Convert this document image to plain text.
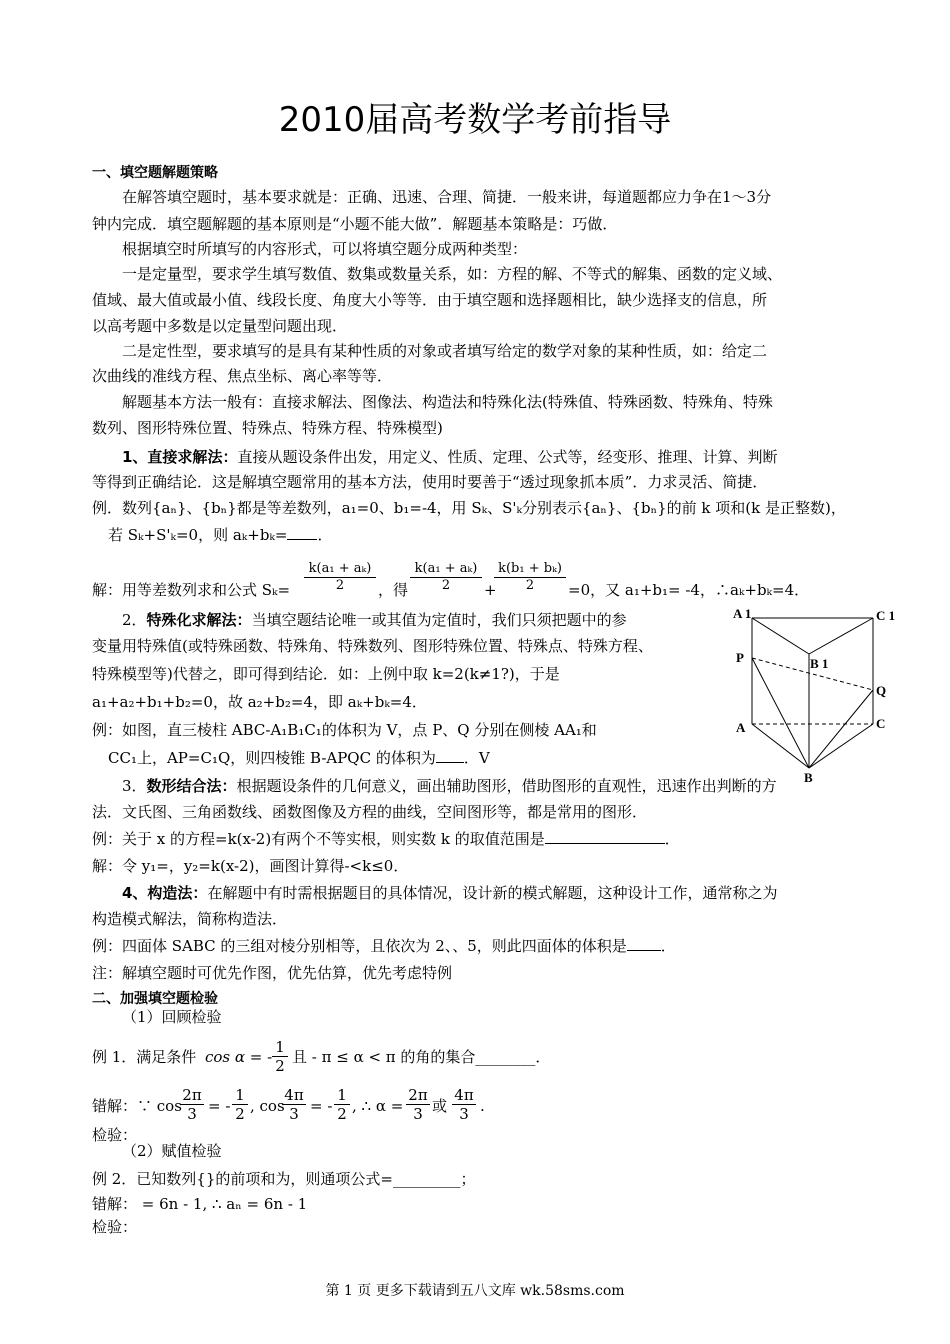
2010届高考数学考前指导
一、填空题解题策略
在解答填空题时，基本要求就是：正确、迅速、合理、简捷．一般来讲，每道题都应力争在1～3分
钟内完成．填空题解题的基本原则是“小题不能大做”．解题基本策略是：巧做．
根据填空时所填写的内容形式，可以将填空题分成两种类型：
一是定量型，要求学生填写数值、数集或数量关系，如：方程的解、不等式的解集、函数的定义域、
值域、最大值或最小值、线段长度、角度大小等等．由于填空题和选择题相比，缺少选择支的信息，所
以高考题中多数是以定量型问题出现．
二是定性型，要求填写的是具有某种性质的对象或者填写给定的数学对象的某种性质，如：给定二
次曲线的准线方程、焦点坐标、离心率等等．
解题基本方法一般有：直接求解法、图像法、构造法和特殊化法(特殊值、特殊函数、特殊角、特殊
数列、图形特殊位置、特殊点、特殊方程、特殊模型)
1、直接求解法：直接从题设条件出发，用定义、性质、定理、公式等，经变形、推理、计算、判断
等得到正确结论．这是解填空题常用的基本方法，使用时要善于“透过现象抓本质”．力求灵活、简捷．
例．数列{aₙ}、{bₙ}都是等差数列，a₁=0、b₁=-4，用 Sₖ、S'ₖ分别表示{aₙ}、{bₙ}的前 k 项和(k 是正整数)，
若 Sₖ+S'ₖ=0，则 aₖ+bₖ= ．
解：用等差数列求和公式 $S_k= \frac{\text{k(a₁ + aₖ)}}{2}$ ，得 $\frac{\text{k(a₁ + aₖ)}}{2}$ +
$\frac{\text{k(b₁ + bₖ)}}{2} =0$，又 a₁+b₁= -4，∴aₖ+bₖ=4．
2．特殊化求解法：当填空题结论唯一或其值为定值时，我们只须把题中的参
变量用特殊值(或特殊函数、特殊角、特殊数列、图形特殊位置、特殊点、特殊方程、
特殊模型等)代替之，即可得到结论．如：上例中取 k=2(k≠1?)，于是
a₁+a₂+b₁+b₂=0，故 a₂+b₂=4，即 aₖ+bₖ=4．
例：如图，直三棱柱 ABC-A₁B₁C₁的体积为 V，点 P、Q 分别在侧棱 AA₁和
CC₁上，AP=C₁Q，则四棱锥 B-APQC 的体积为 ．V
A 1	C 1
B 1
P
Q
A	C
B
3．数形结合法：根据题设条件的几何意义，画出辅助图形，借助图形的直观性，迅速作出判断的方
法．文氏图、三角函数线、函数图像及方程的曲线，空间图形等，都是常用的图形．
例：关于 x 的方程=k(x-2)有两个不等实根，则实数 k 的取值范围是	．
解：令 y₁=，y₂=k(x-2)，画图计算得-<k≤0．
4、构造法：在解题中有时需根据题目的具体情况，设计新的模式解题，这种设计工作，通常称之为
构造模式解法，简称构造法．
例：四面体 SABC 的三组对棱分别相等，且依次为 2、、5，则此四面体的体积是 ．
注：解填空题时可优先作图，优先估算，优先考虑特例
二、加强填空题检验
（1）回顾检验
例 1．满足条件 cos α = - $\frac{1}{2}$ 且 - π ≤ α < π 的角的集合________．
错解：∵ cos
$\frac{2\pi}{3}$ = - $\frac{1}{2}$ , cos
$\frac{4\pi}{3}$ = - $\frac{1}{2}$ , ∴ $\alpha = \frac{2\pi}{3}$ 或 $\frac{4\pi}{3}$ .
检验：
（2）赋值检验
例 2．已知数列{}的前项和为，则通项公式=_________；
错解： = 6n - 1, ∴ aₙ = 6n - 1
检验：
第 1 页 更多下载请到五八文库 wk.58sms.com
